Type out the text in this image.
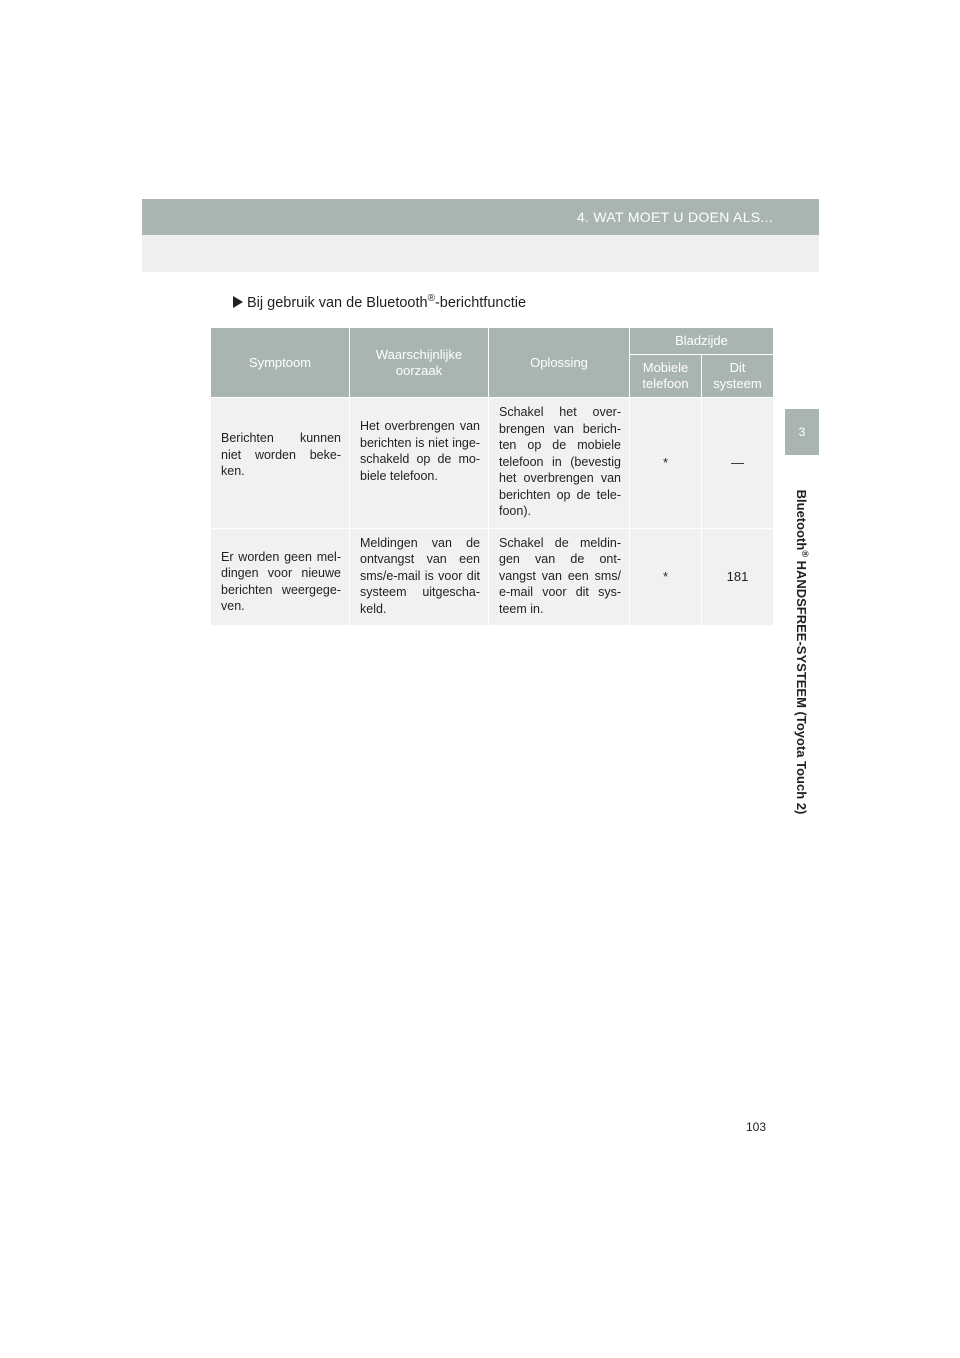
4. WAT MOET U DOEN ALS...
3
Bluetooth® HANDSFREE-SYSTEEM (Toyota Touch 2)
Bij gebruik van de Bluetooth®-berichtfunctie
Symptoom	Waarschijnlijke oorzaak	Oplossing	Bladzijde	
			Mobiele telefoon	Dit systeem

Berichten kunnen niet worden beke-ken.	Het overbrengen van berichten is niet inge-schakeld op de mo-biele telefoon.	Schakel het over-brengen van berich-ten op de mobiele telefoon in (bevestig het overbrengen van berichten op de tele-foon).	*	—

Er worden geen mel-dingen voor nieuwe berichten weergege-ven.	Meldingen van de ontvangst van een sms/e-mail is voor dit systeem uitgescha-keld.	Schakel de meldin-gen van de ont-vangst van een sms/ e-mail voor dit sys-teem in.	*	181
103
carmanualsonline.info
